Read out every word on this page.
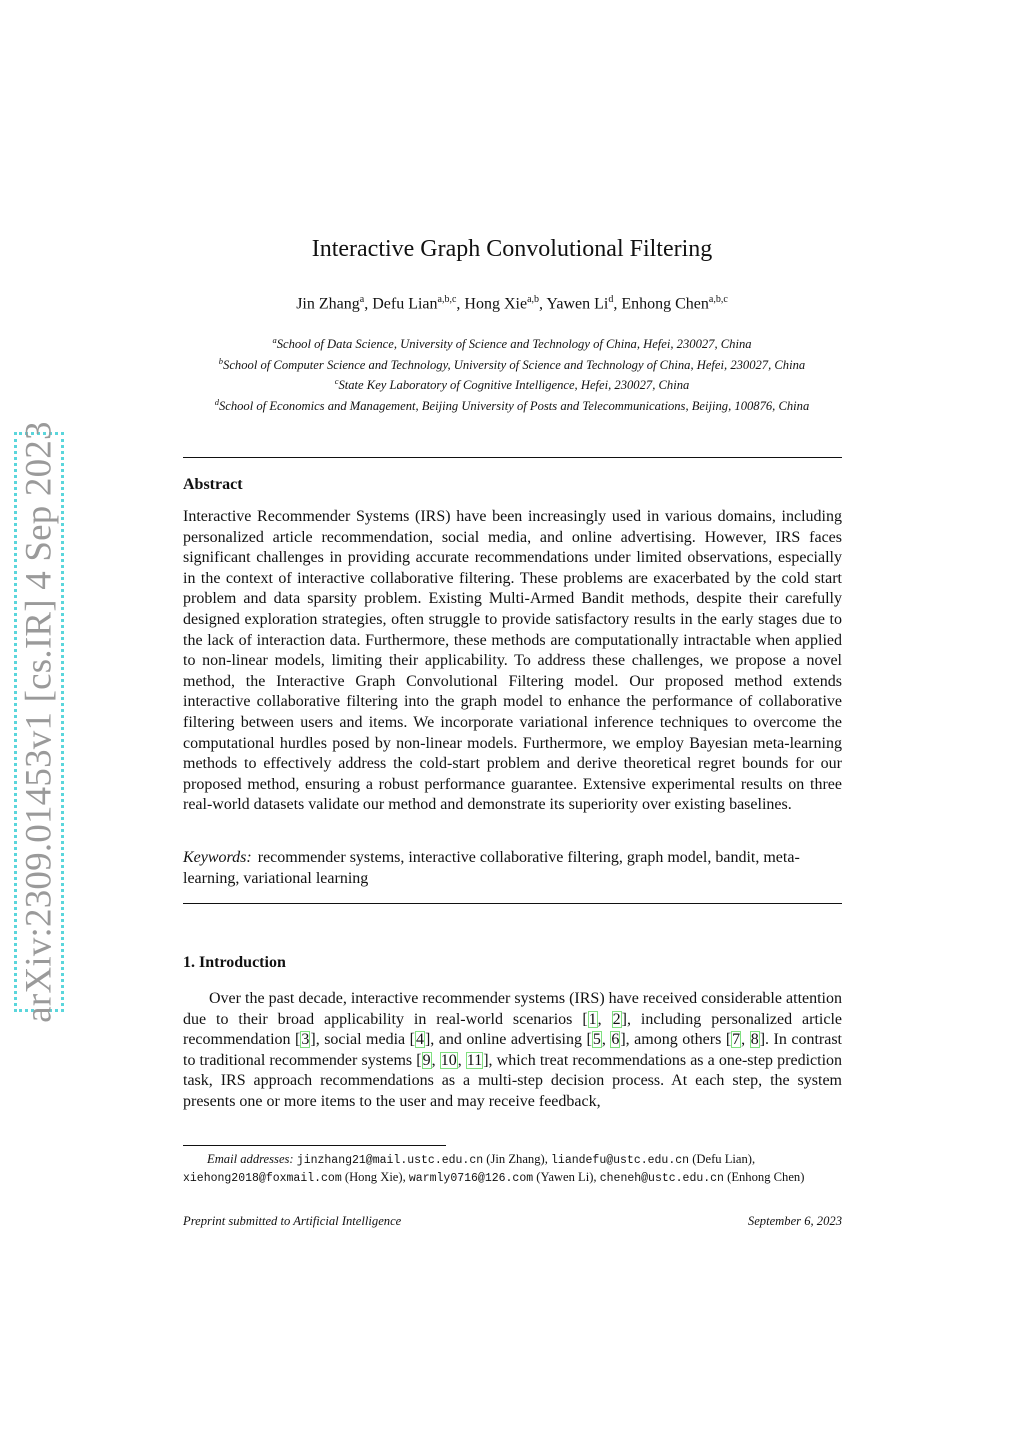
arXiv:2309.01453v1 [cs.IR] 4 Sep 2023
Interactive Graph Convolutional Filtering
Jin Zhang$^a$, Defu Lian$^{a,b,c}$, Hong Xie$^{a,b}$, Yawen Li$^d$, Enhong Chen$^{a,b,c}$
$^a$School of Data Science, University of Science and Technology of China, Hefei, 230027, China
$^b$School of Computer Science and Technology, University of Science and Technology of China, Hefei, 230027, China
$^c$State Key Laboratory of Cognitive Intelligence, Hefei, 230027, China
$^d$School of Economics and Management, Beijing University of Posts and Telecommunications, Beijing, 100876, China
Abstract
Interactive Recommender Systems (IRS) have been increasingly used in various domains, including personalized article recommendation, social media, and online advertising. However, IRS faces significant challenges in providing accurate recommendations under limited observations, especially in the context of interactive collaborative filtering. These problems are exacerbated by the cold start problem and data sparsity problem. Existing Multi-Armed Bandit methods, despite their carefully designed exploration strategies, often struggle to provide satisfactory results in the early stages due to the lack of interaction data. Furthermore, these methods are computationally intractable when applied to non-linear models, limiting their applicability. To address these challenges, we propose a novel method, the Interactive Graph Convolutional Filtering model. Our proposed method extends interactive collaborative filtering into the graph model to enhance the performance of collaborative filtering between users and items. We incorporate variational inference techniques to overcome the computational hurdles posed by non-linear models. Furthermore, we employ Bayesian meta-learning methods to effectively address the cold-start problem and derive theoretical regret bounds for our proposed method, ensuring a robust performance guarantee. Extensive experimental results on three real-world datasets validate our method and demonstrate its superiority over existing baselines.
Keywords: recommender systems, interactive collaborative filtering, graph model, bandit, meta-learning, variational learning
1. Introduction
Over the past decade, interactive recommender systems (IRS) have received considerable attention due to their broad applicability in real-world scenarios [1, 2], including personalized article recommendation [3], social media [4], and online advertising [5, 6], among others [7, 8]. In contrast to traditional recommender systems [9, 10, 11], which treat recommendations as a one-step prediction task, IRS approach recommendations as a multi-step decision process. At each step, the system presents one or more items to the user and may receive feedback,
Email addresses: jinzhang21@mail.ustc.edu.cn (Jin Zhang), liandefu@ustc.edu.cn (Defu Lian), xiehong2018@foxmail.com (Hong Xie), warmly0716@126.com (Yawen Li), cheneh@ustc.edu.cn (Enhong Chen)
Preprint submitted to Artificial Intelligence	September 6, 2023
